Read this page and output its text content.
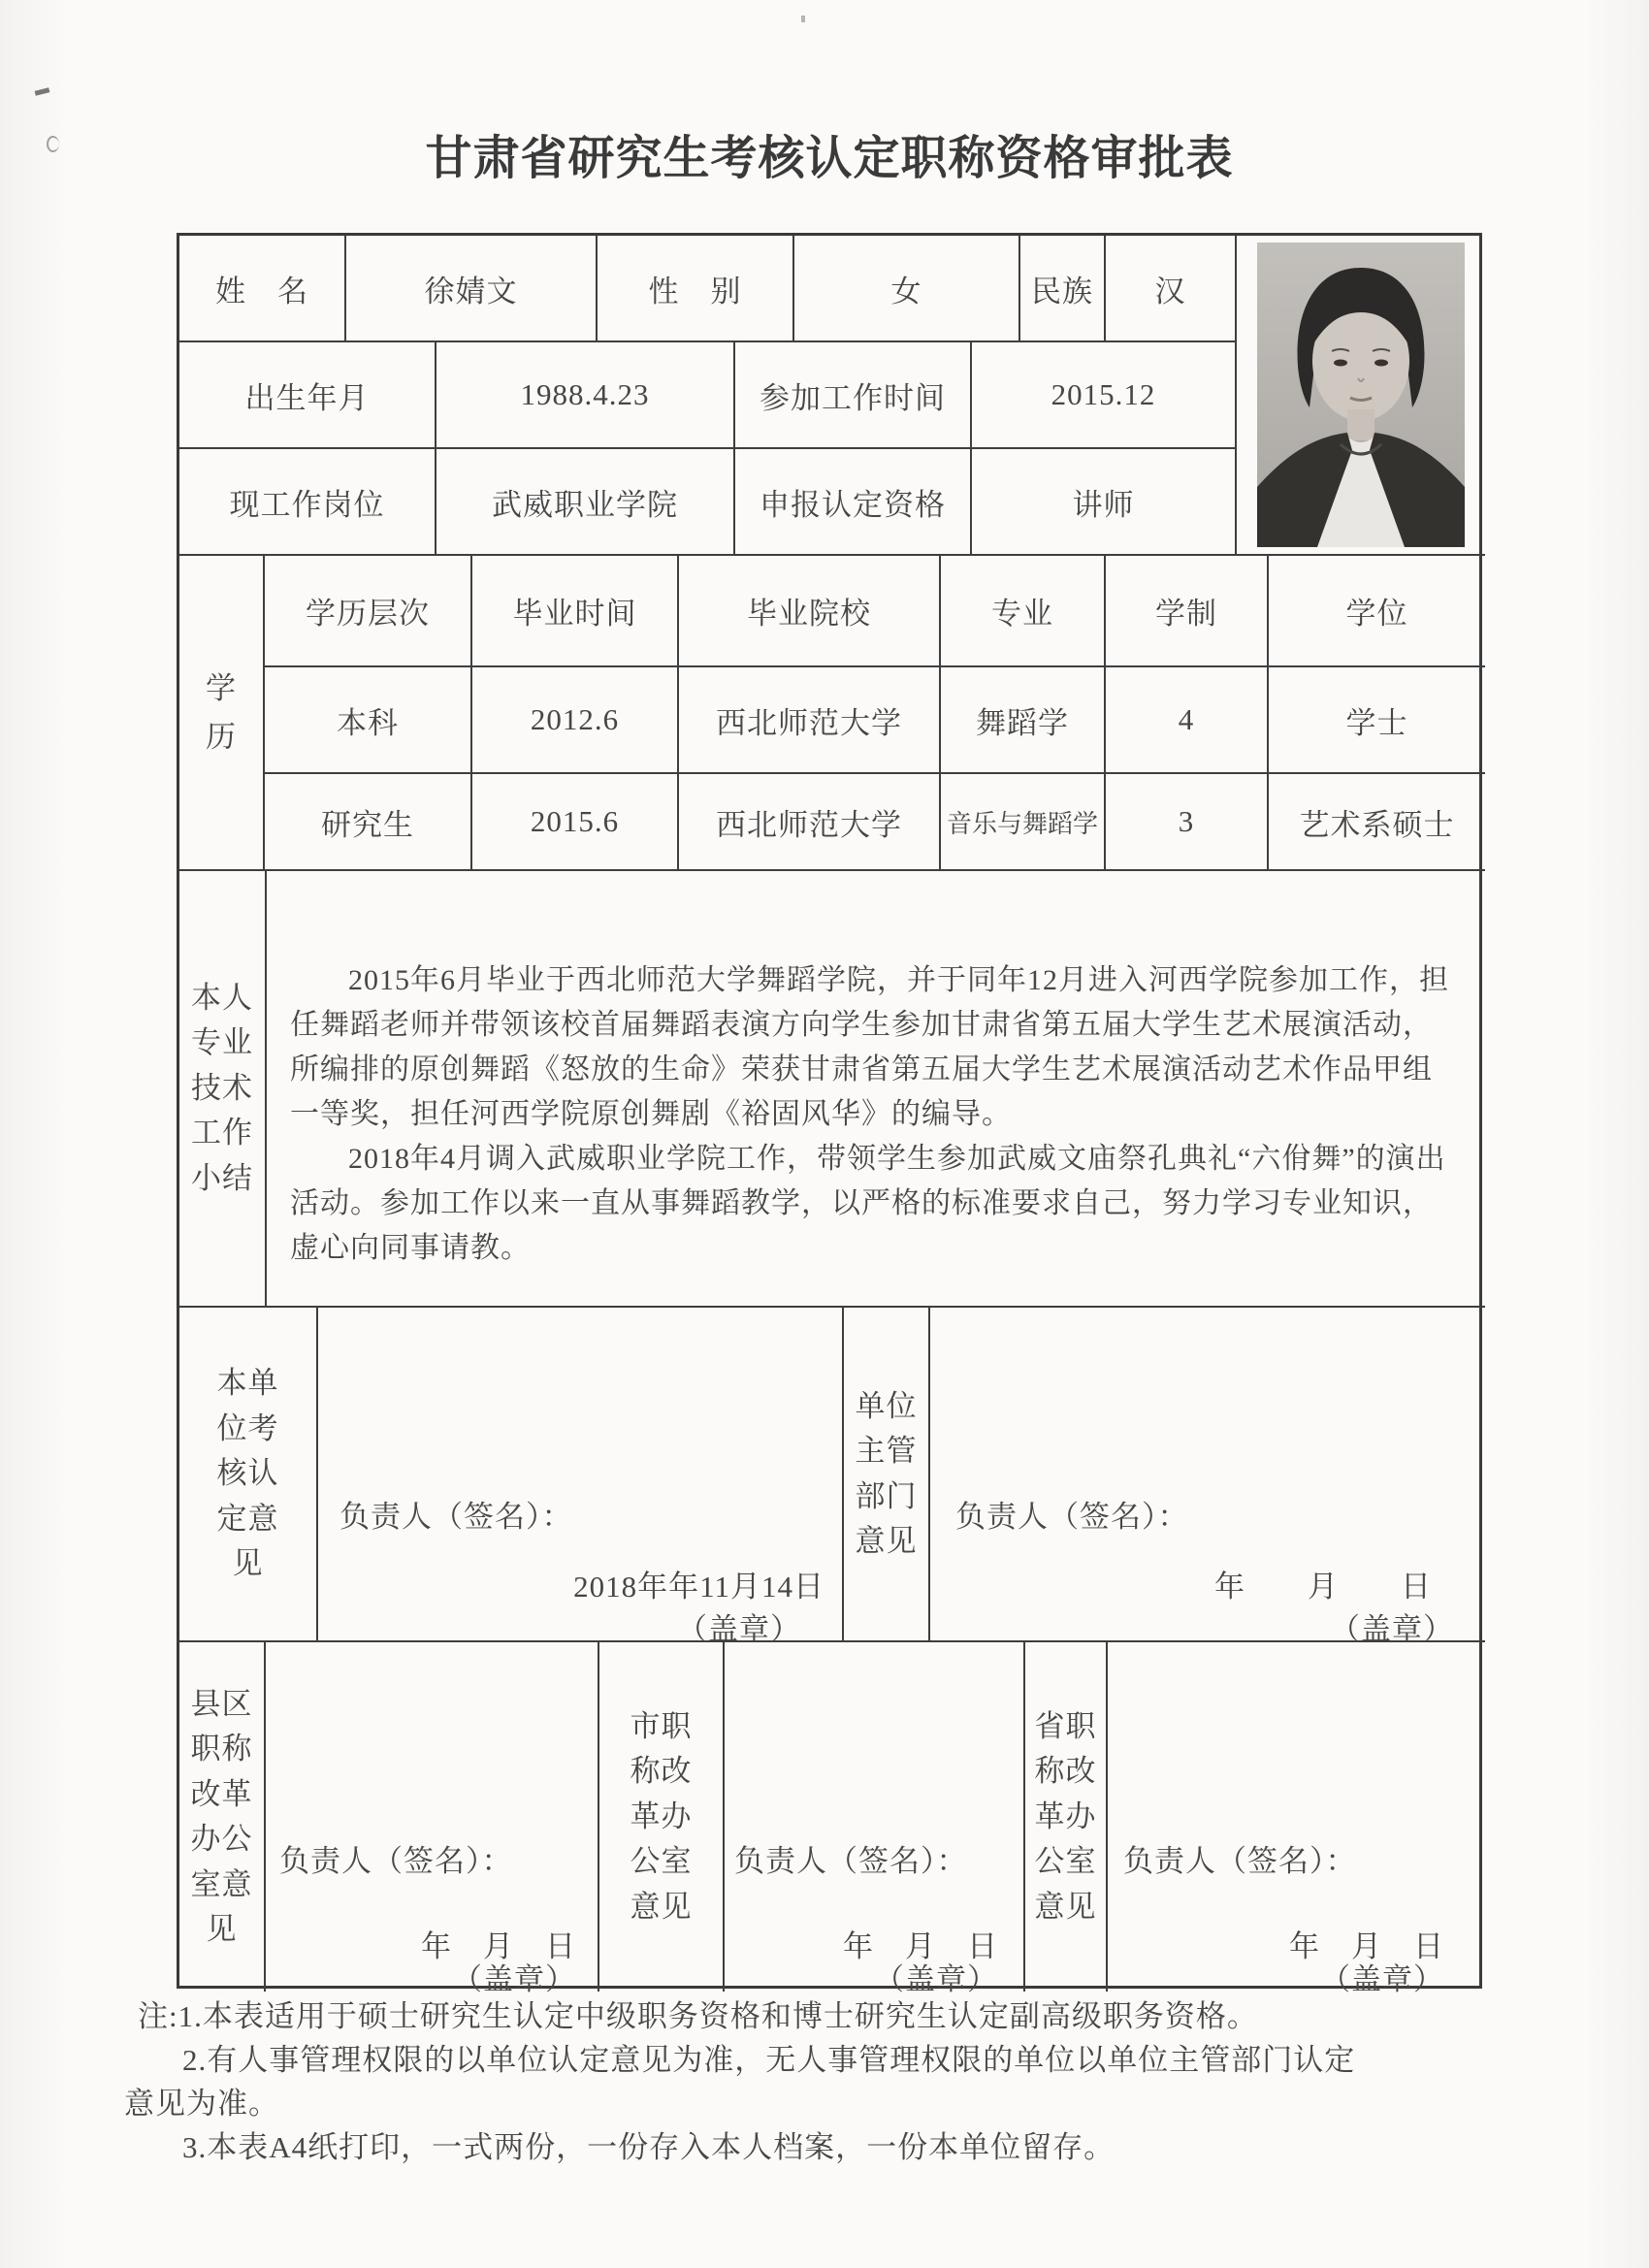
甘肃省研究生考核认定职称资格审批表
姓　名	徐婧文	性　别	女	民族	汉
出生年月	1988.4.23	参加工作时间	2015.12
现工作岗位	武威职业学院	申报认定资格	讲师
学历
学历层次	毕业时间	毕业院校	专业	学制	学位
本科	2012.6	西北师范大学	舞蹈学	4	学士
研究生	2015.6	西北师范大学	音乐与舞蹈学	3	艺术系硕士
本人专业技术工作小结

2015年6月毕业于西北师范大学舞蹈学院，并于同年12月进入河西学院参加工作，担任舞蹈老师并带领该校首届舞蹈表演方向学生参加甘肃省第五届大学生艺术展演活动，所编排的原创舞蹈《怒放的生命》荣获甘肃省第五届大学生艺术展演活动艺术作品甲组一等奖，担任河西学院原创舞剧《裕固风华》的编导。

2018年4月调入武威职业学院工作，带领学生参加武威文庙祭孔典礼“六佾舞”的演出活动。参加工作以来一直从事舞蹈教学，以严格的标准要求自己，努力学习专业知识，虚心向同事请教。

本单位考核认定意见
负责人（签名）：
2018年年11月14日
（盖章）
单位主管部门意见
负责人（签名）：
年　　月　　日
（盖章）
县区职称改革办公室意见
负责人（签名）：
年　月　日
（盖章）
市职称改革办公室意见
负责人（签名）：
年　月　日
（盖章）
省职称改革办公室意见
负责人（签名）：
年　月　日
（盖章）
注:1.本表适用于硕士研究生认定中级职务资格和博士研究生认定副高级职务资格。
2.有人事管理权限的以单位认定意见为准，无人事管理权限的单位以单位主管部门认定
意见为准。
3.本表A4纸打印，一式两份，一份存入本人档案，一份本单位留存。
